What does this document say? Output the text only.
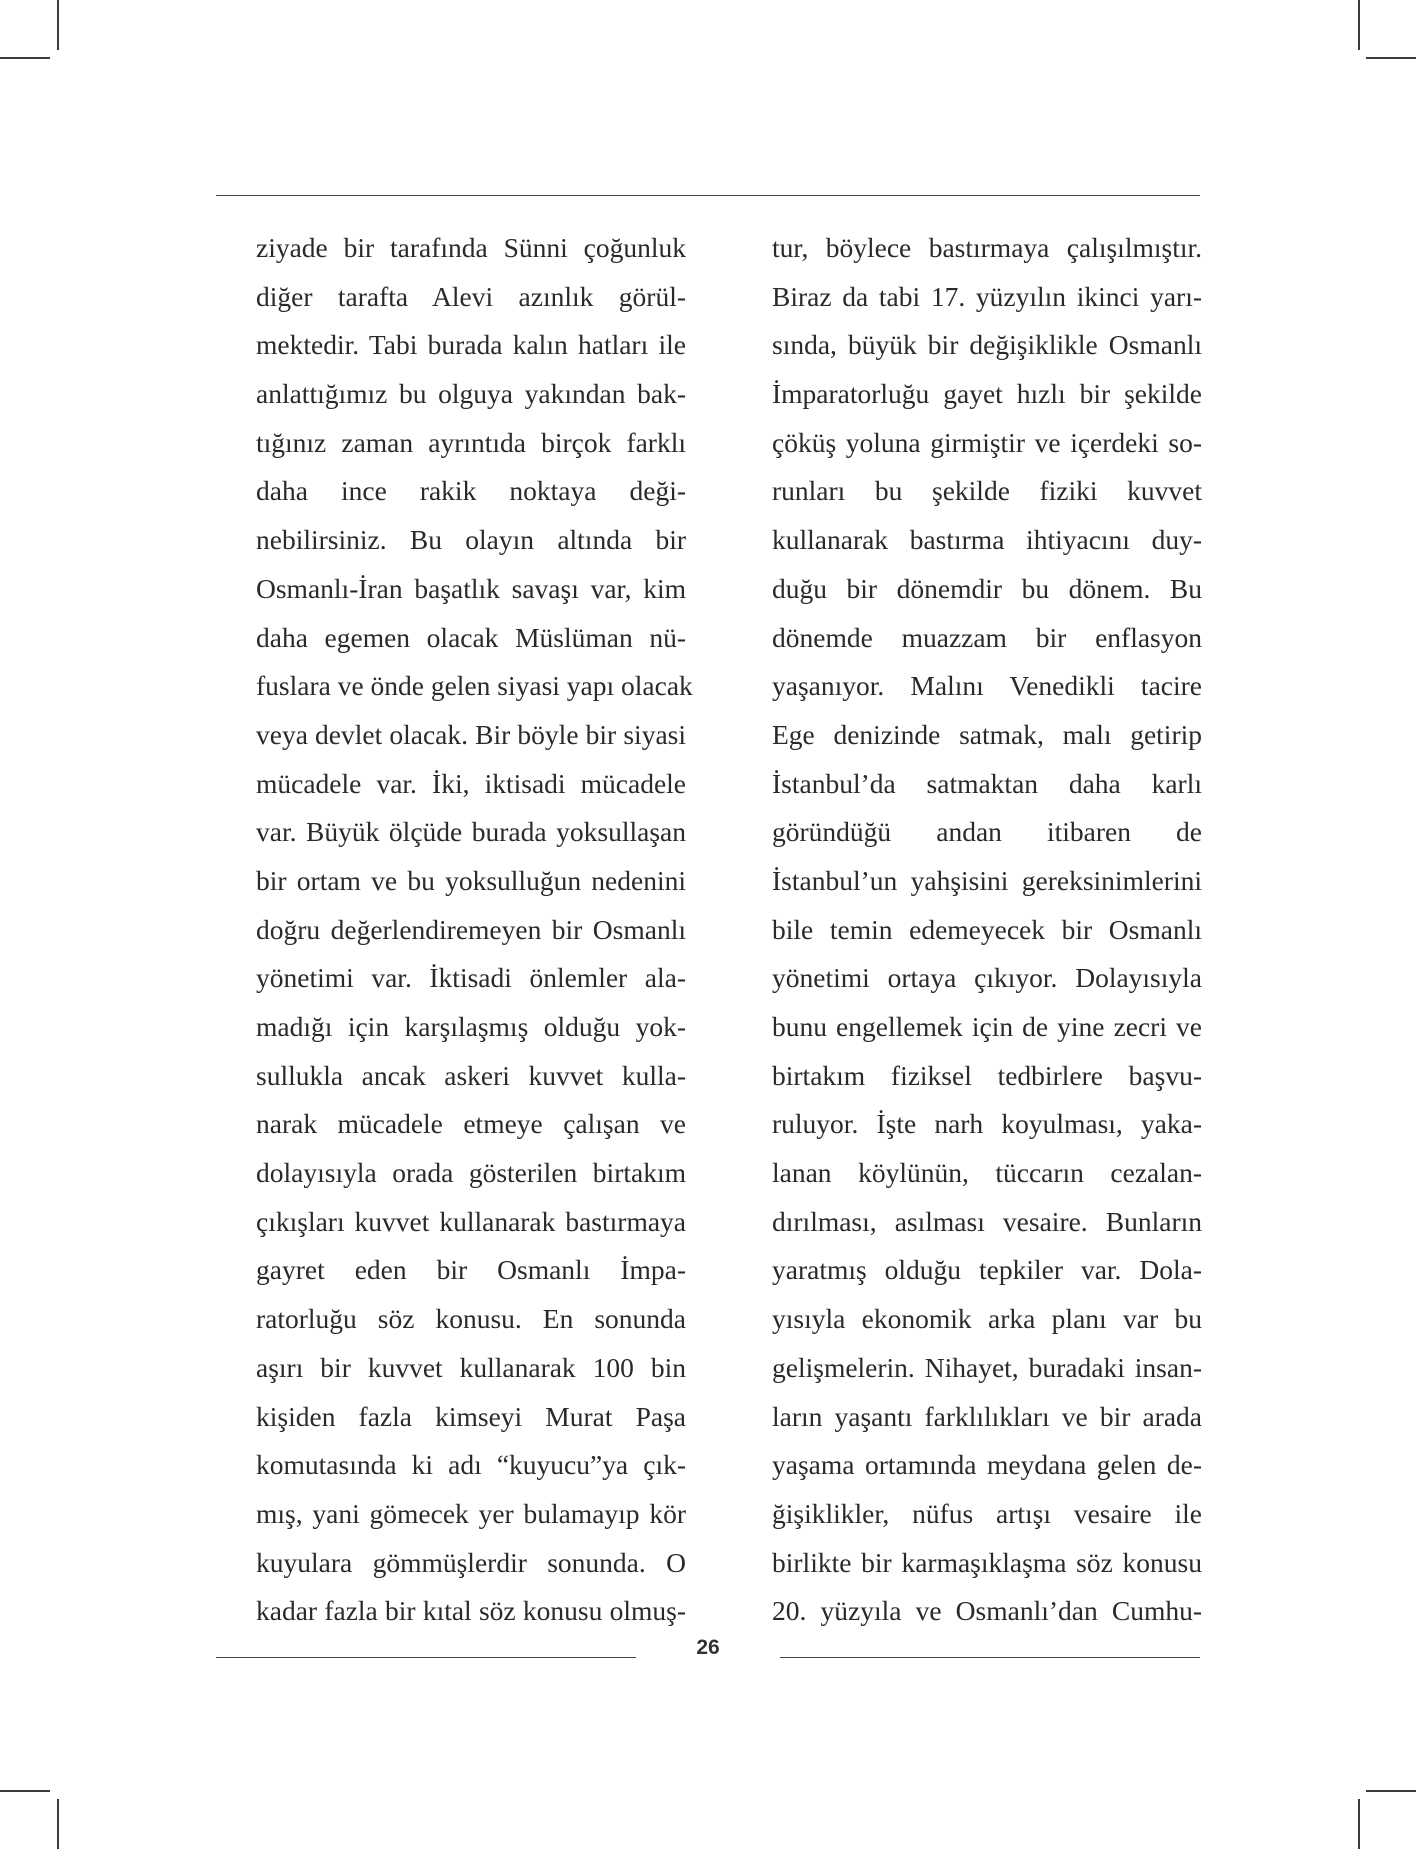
ziyade bir tarafında Sünni çoğunluk
diğer tarafta Alevi azınlık görül-
mektedir. Tabi burada kalın hatları ile
anlattığımız bu olguya yakından bak-
tığınız zaman ayrıntıda birçok farklı
daha ince rakik noktaya deği-
nebilirsiniz. Bu olayın altında bir
Osmanlı-İran başatlık savaşı var, kim
daha egemen olacak Müslüman nü-
fuslara ve önde gelen siyasi yapı olacak
veya devlet olacak. Bir böyle bir siyasi
mücadele var. İki, iktisadi mücadele
var. Büyük ölçüde burada yoksullaşan
bir ortam ve bu yoksulluğun nedenini
doğru değerlendiremeyen bir Osmanlı
yönetimi var. İktisadi önlemler ala-
madığı için karşılaşmış olduğu yok-
sullukla ancak askeri kuvvet kulla-
narak mücadele etmeye çalışan ve
dolayısıyla orada gösterilen birtakım
çıkışları kuvvet kullanarak bastırmaya
gayret eden bir Osmanlı İmpa-
ratorluğu söz konusu. En sonunda
aşırı bir kuvvet kullanarak 100 bin
kişiden fazla kimseyi Murat Paşa
komutasında ki adı “kuyucu”ya çık-
mış, yani gömecek yer bulamayıp kör
kuyulara gömmüşlerdir sonunda. O
kadar fazla bir kıtal söz konusu olmuş-
tur, böylece bastırmaya çalışılmıştır.
Biraz da tabi 17. yüzyılın ikinci yarı-
sında, büyük bir değişiklikle Osmanlı
İmparatorluğu gayet hızlı bir şekilde
çöküş yoluna girmiştir ve içerdeki so-
runları bu şekilde fiziki kuvvet
kullanarak bastırma ihtiyacını duy-
duğu bir dönemdir bu dönem. Bu
dönemde muazzam bir enflasyon
yaşanıyor. Malını Venedikli tacire
Ege denizinde satmak, malı getirip
İstanbul’da satmaktan daha karlı
göründüğü andan itibaren de
İstanbul’un yahşisini gereksinimlerini
bile temin edemeyecek bir Osmanlı
yönetimi ortaya çıkıyor. Dolayısıyla
bunu engellemek için de yine zecri ve
birtakım fiziksel tedbirlere başvu-
ruluyor. İşte narh koyulması, yaka-
lanan köylünün, tüccarın cezalan-
dırılması, asılması vesaire. Bunların
yaratmış olduğu tepkiler var. Dola-
yısıyla ekonomik arka planı var bu
gelişmelerin. Nihayet, buradaki insan-
ların yaşantı farklılıkları ve bir arada
yaşama ortamında meydana gelen de-
ğişiklikler, nüfus artışı vesaire ile
birlikte bir karmaşıklaşma söz konusu
20. yüzyıla ve Osmanlı’dan Cumhu-
26
